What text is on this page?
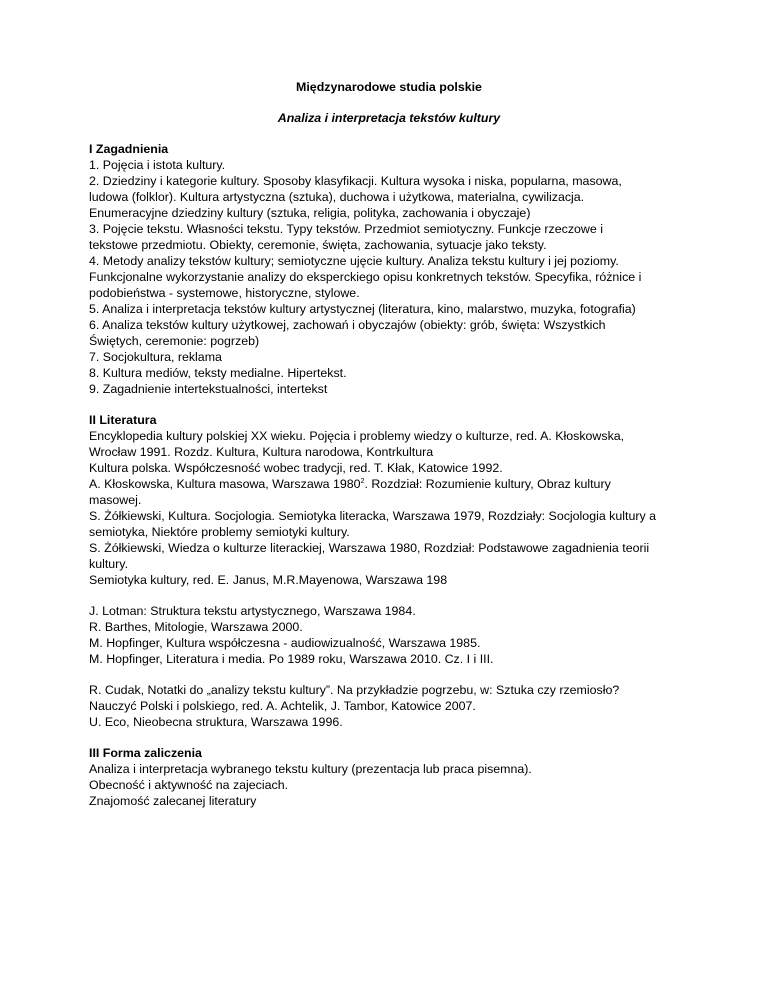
Międzynarodowe studia polskie
Analiza i interpretacja tekstów kultury
I Zagadnienia
1. Pojęcia i istota kultury.
2. Dziedziny i kategorie kultury. Sposoby klasyfikacji. Kultura wysoka i niska, popularna, masowa,
ludowa (folklor). Kultura artystyczna (sztuka), duchowa i użytkowa, materialna, cywilizacja.
Enumeracyjne dziedziny kultury (sztuka, religia, polityka, zachowania i obyczaje)
3. Pojęcie tekstu. Własności tekstu. Typy tekstów. Przedmiot semiotyczny. Funkcje rzeczowe i
tekstowe przedmiotu. Obiekty, ceremonie, święta, zachowania, sytuacje jako teksty.
4. Metody analizy tekstów kultury; semiotyczne ujęcie kultury. Analiza tekstu kultury i jej poziomy.
Funkcjonalne wykorzystanie analizy do eksperckiego opisu konkretnych tekstów. Specyfika, różnice i
podobieństwa - systemowe, historyczne, stylowe.
5. Analiza i interpretacja tekstów kultury artystycznej (literatura, kino, malarstwo, muzyka, fotografia)
6. Analiza tekstów kultury użytkowej, zachowań i obyczajów (obiekty: grób, święta: Wszystkich
Świętych, ceremonie: pogrzeb)
7. Socjokultura, reklama
8. Kultura mediów, teksty medialne. Hipertekst.
9. Zagadnienie intertekstualności, intertekst
II Literatura
Encyklopedia kultury polskiej XX wieku. Pojęcia i problemy wiedzy o kulturze, red. A. Kłoskowska,
Wrocław 1991. Rozdz. Kultura, Kultura narodowa, Kontrkultura
Kultura polska. Współczesność wobec tradycji, red. T. Kłak, Katowice 1992.
A. Kłoskowska, Kultura masowa, Warszawa 1980$^2$. Rozdział: Rozumienie kultury, Obraz kultury
masowej.
S. Żółkiewski, Kultura. Socjologia. Semiotyka literacka, Warszawa 1979, Rozdziały: Socjologia kultury a
semiotyka, Niektóre problemy semiotyki kultury.
S. Żółkiewski, Wiedza o kulturze literackiej, Warszawa 1980, Rozdział: Podstawowe zagadnienia teorii
kultury.
Semiotyka kultury, red. E. Janus, M.R.Mayenowa, Warszawa 198
J. Lotman: Struktura tekstu artystycznego, Warszawa 1984.
R. Barthes, Mitologie, Warszawa 2000.
M. Hopfinger, Kultura współczesna - audiowizualność, Warszawa 1985.
M. Hopfinger, Literatura i media. Po 1989 roku, Warszawa 2010. Cz. I i III.
R. Cudak, Notatki do „analizy tekstu kultury”. Na przykładzie pogrzebu, w: Sztuka czy rzemiosło?
Nauczyć Polski i polskiego, red. A. Achtelik, J. Tambor, Katowice 2007.
U. Eco, Nieobecna struktura, Warszawa 1996.
III Forma zaliczenia
Analiza i interpretacja wybranego tekstu kultury (prezentacja lub praca pisemna).
Obecność i aktywność na zajeciach.
Znajomość zalecanej literatury
